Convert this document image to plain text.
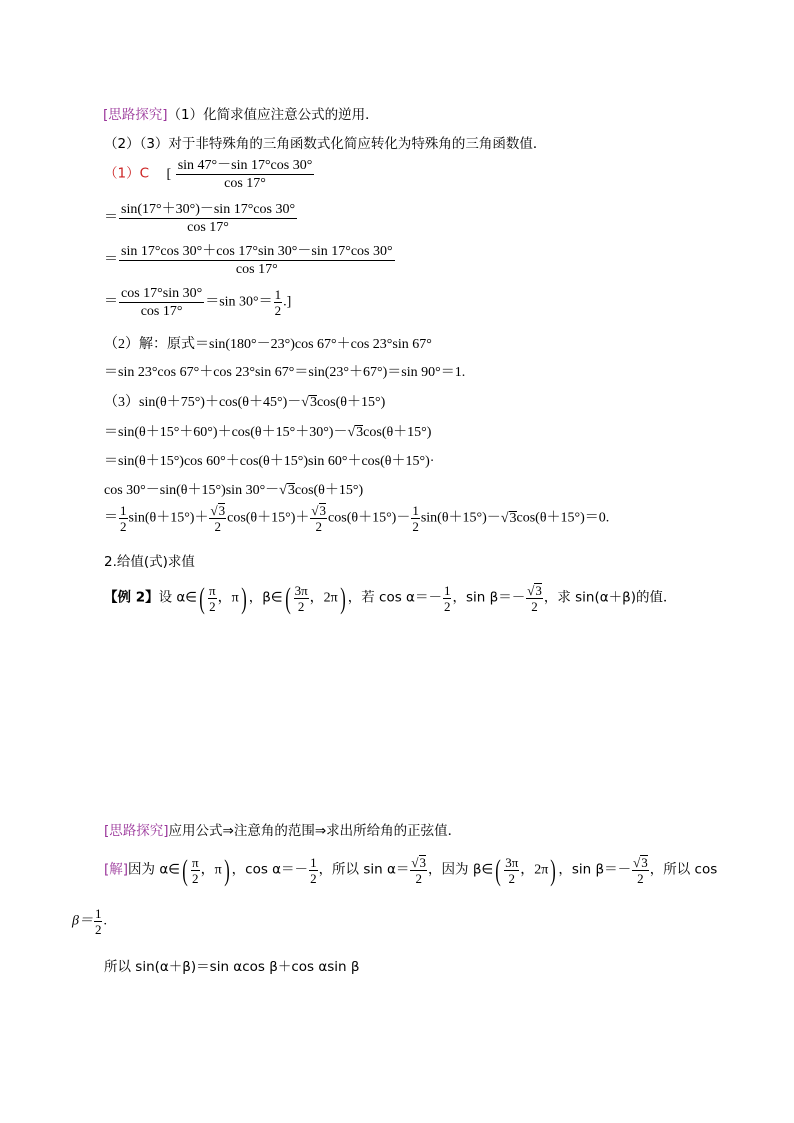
[思路探究]（1）化简求值应注意公式的逆用．
（2）（3）对于非特殊角的三角函数式化简应转化为特殊角的三角函数值．
（1）C [ $\frac{\sin 47^\circ-\sin 17^\circ\cos 30^\circ}{\cos 17^\circ}$
＝ $\frac{\sin(17^\circ+30^\circ)-\sin 17^\circ\cos 30^\circ}{\cos 17^\circ}$
＝ $\frac{\sin 17^\circ\cos 30^\circ+\cos 17^\circ\sin 30^\circ-\sin 17^\circ\cos 30^\circ}{\cos 17^\circ}$
＝ $\frac{\cos 17^\circ\sin 30^\circ}{\cos 17^\circ} =\sin$ $30^\circ= \frac{1}{2}$ .]
（2）解：原式＝sin(180°－23°)cos 67°＋cos 23°sin 67°
＝sin 23°cos 67°＋cos 23°sin 67°＝sin(23°＋67°)＝sin 90°＝1.
（3）sin(θ＋75°)＋cos(θ＋45°)－√3cos(θ＋15°)
＝sin(θ＋15°＋60°)＋cos(θ＋15°＋30°)－√3cos(θ＋15°)
＝sin(θ＋15°)cos 60°＋cos(θ＋15°)sin 60°＋cos(θ＋15°)·
cos 30°－sin(θ＋15°)sin 30°－√3cos(θ＋15°)
＝ $\frac{1}{2} \sin(\theta+15^\circ)+ \frac{√3}{2} \cos(\theta+15^\circ)+ \frac{√3}{2} \cos(\theta+15^\circ)- \frac{1}{2} \sin(\theta+15^\circ)-√3\cos(\theta+15^\circ)=0$.
2.给值(式)求值
【例 2】设 α∈( $\frac{\pi}{2}$ ，π) ，β∈( $\frac{3\pi}{2}$ ，2π) ，若 $\cos \alpha=- \frac{1}{2}$ ，$\sin \beta=- \frac{√3}{2}$ ，求 sin(α＋β)的值．
[思路探究]应用公式⇒注意角的范围⇒求出所给角的正弦值．
[解]因为 α∈( $\frac{\pi}{2}$ ，π) ，$\cos \alpha=- \frac{1}{2}$ ，所以 $\sin \alpha= \frac{√3}{2}$ ，因为 β∈( $\frac{3\pi}{2}$ ，2π) ，$\sin \beta=- \frac{√3}{2}$ ，所以 cos
$\beta= \frac{1}{2}$ .
所以 sin(α＋β)＝sin αcos β＋cos αsin β
